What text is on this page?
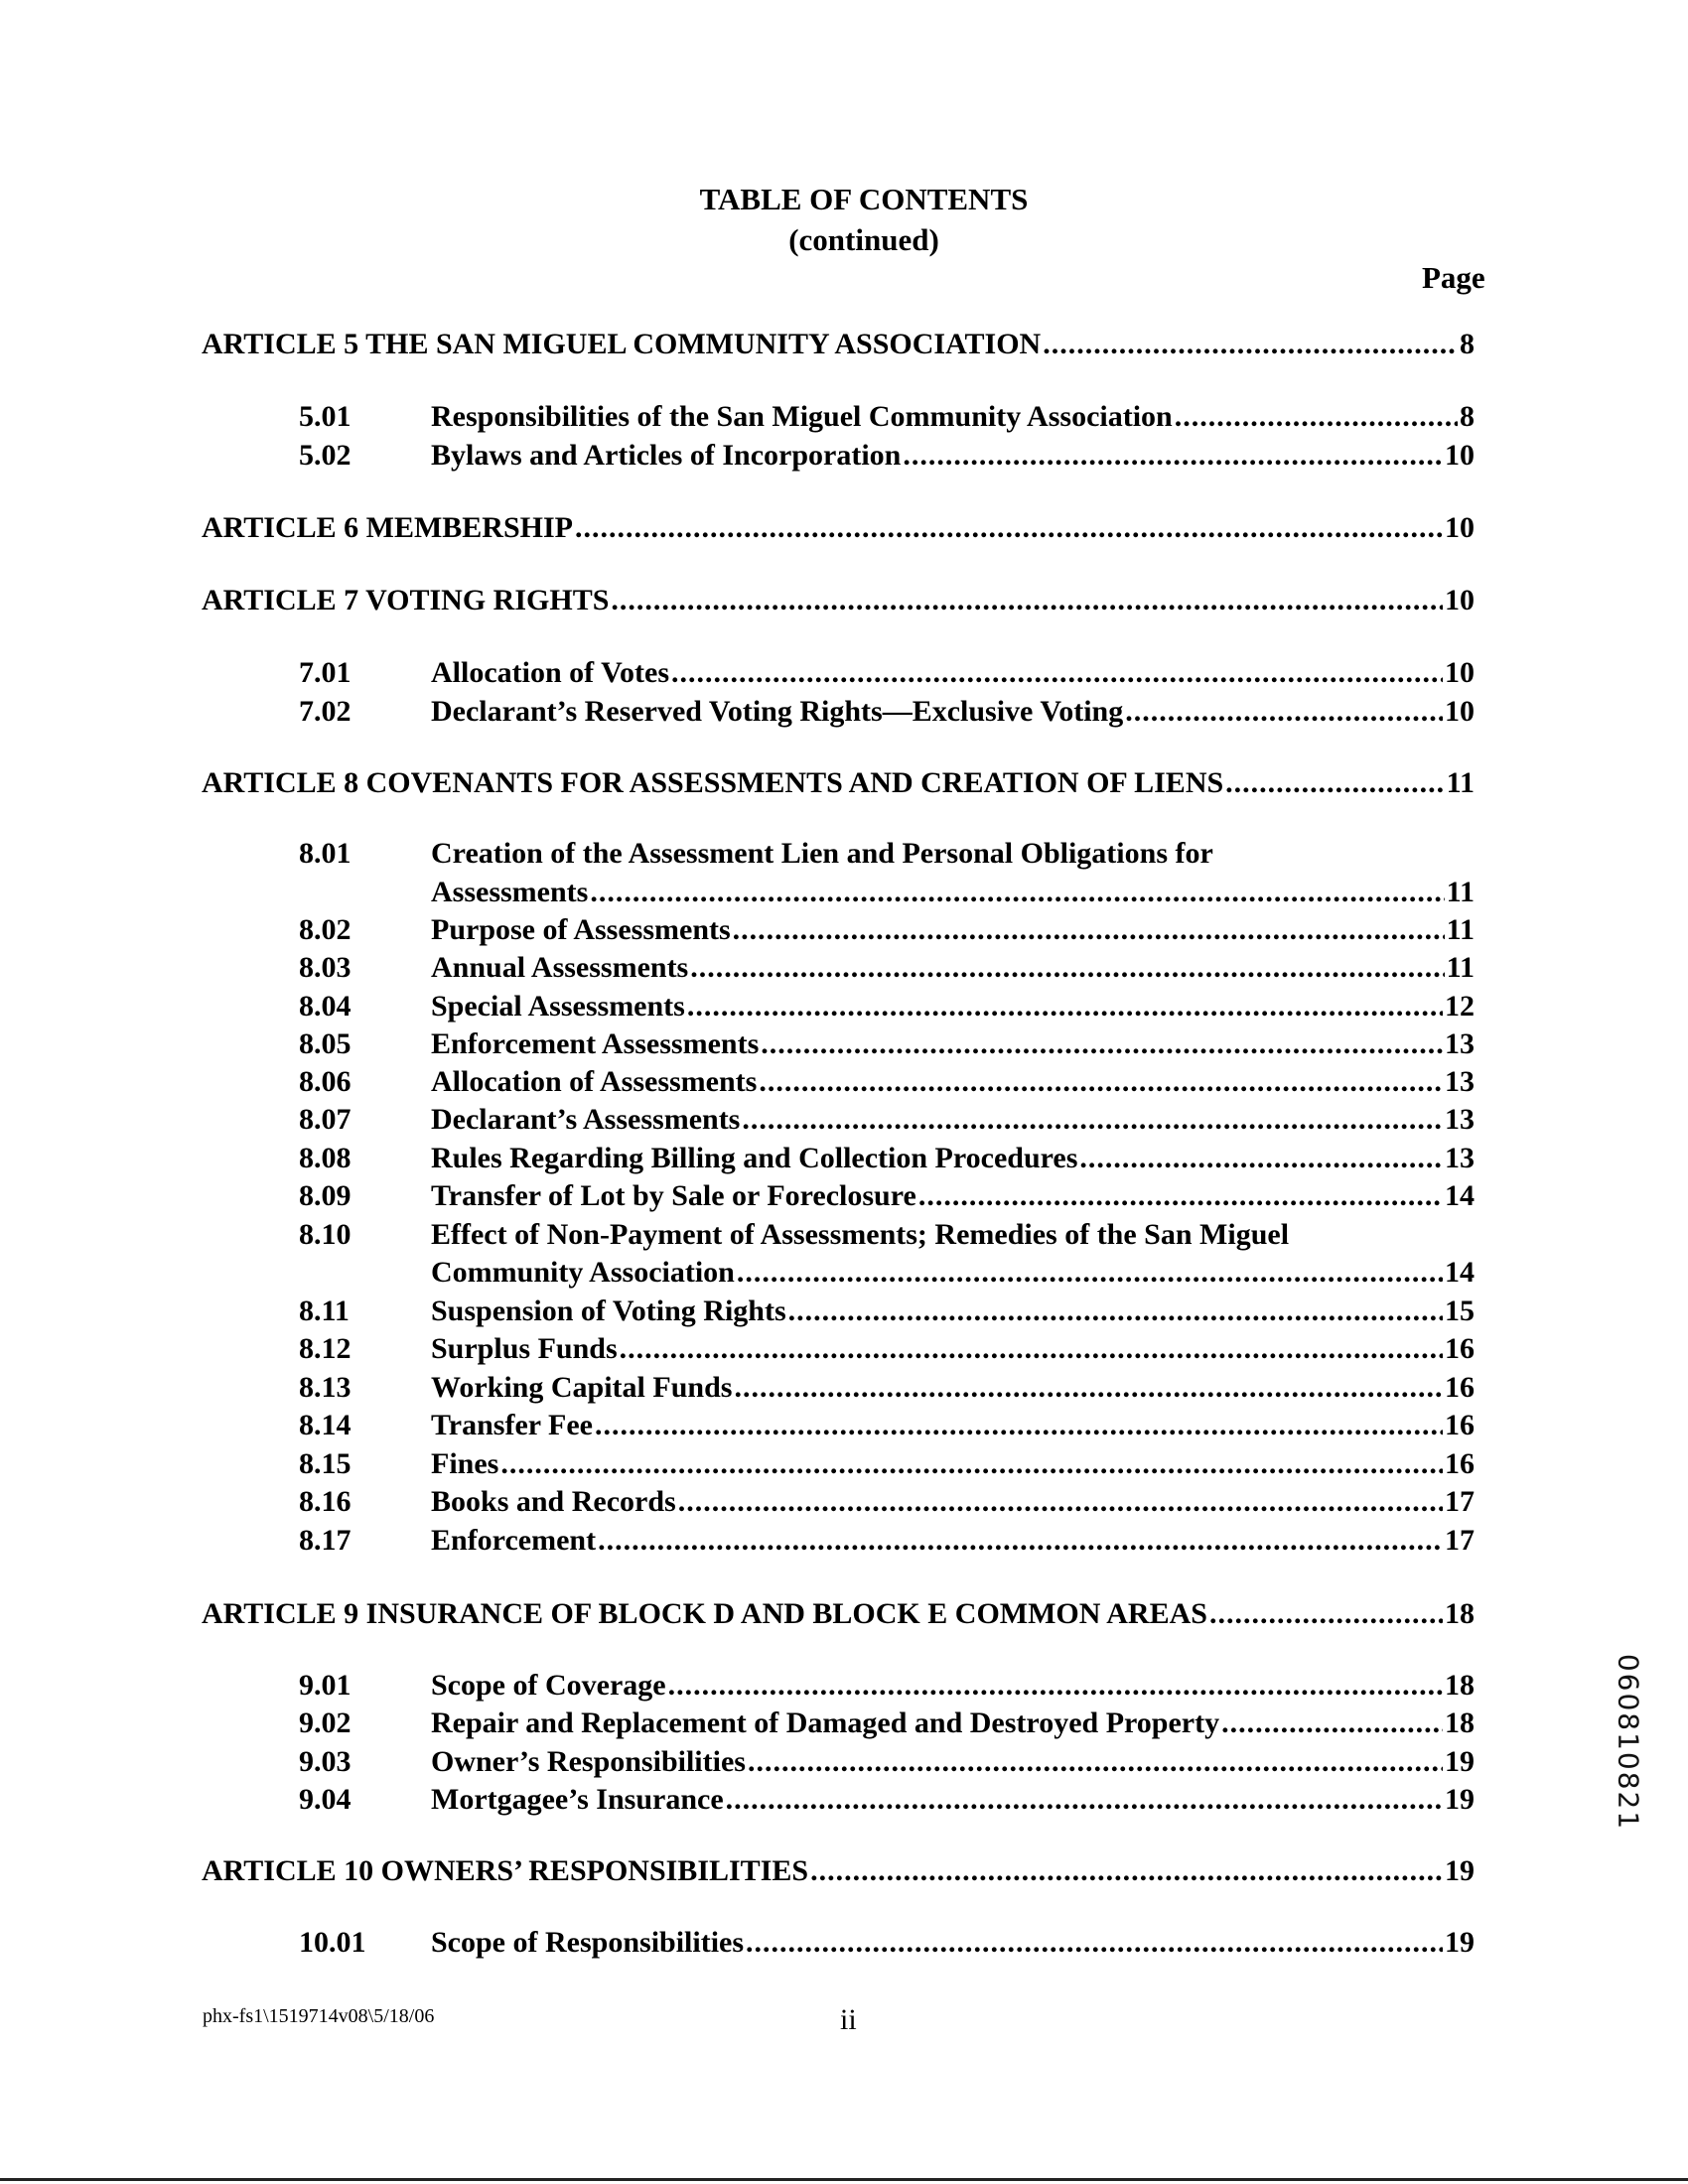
TABLE OF CONTENTS
(continued)
Page
ARTICLE 5 THE SAN MIGUEL COMMUNITY ASSOCIATION .....	8
5.01	Responsibilities of the San Miguel Community Association .....	8
5.02	Bylaws and Articles of Incorporation .....	10
ARTICLE 6 MEMBERSHIP .....	10
ARTICLE 7 VOTING RIGHTS .....	10
7.01	Allocation of Votes .....	10
7.02	Declarant’s Reserved Voting Rights—Exclusive Voting .....	10
ARTICLE 8 COVENANTS FOR ASSESSMENTS AND CREATION OF LIENS .....	11
8.01	Creation of the Assessment Lien and Personal Obligations for
Assessments .....	11
8.02	Purpose of Assessments .....	11
8.03	Annual Assessments .....	11
8.04	Special Assessments .....	12
8.05	Enforcement Assessments .....	13
8.06	Allocation of Assessments .....	13
8.07	Declarant’s Assessments .....	13
8.08	Rules Regarding Billing and Collection Procedures .....	13
8.09	Transfer of Lot by Sale or Foreclosure .....	14
8.10	Effect of Non-Payment of Assessments; Remedies of the San Miguel
Community Association .....	14
8.11	Suspension of Voting Rights .....	15
8.12	Surplus Funds .....	16
8.13	Working Capital Funds .....	16
8.14	Transfer Fee .....	16
8.15	Fines .....	16
8.16	Books and Records .....	17
8.17	Enforcement .....	17
ARTICLE 9 INSURANCE OF BLOCK D AND BLOCK E COMMON AREAS .....	18
9.01	Scope of Coverage .....	18
9.02	Repair and Replacement of Damaged and Destroyed Property .....	18
9.03	Owner’s Responsibilities .....	19
9.04	Mortgagee’s Insurance .....	19
ARTICLE 10 OWNERS’ RESPONSIBILITIES .....	19
10.01 Scope of Responsibilities .....	19
phx-fs1\1519714v08\5/18/06	ii
060810821
